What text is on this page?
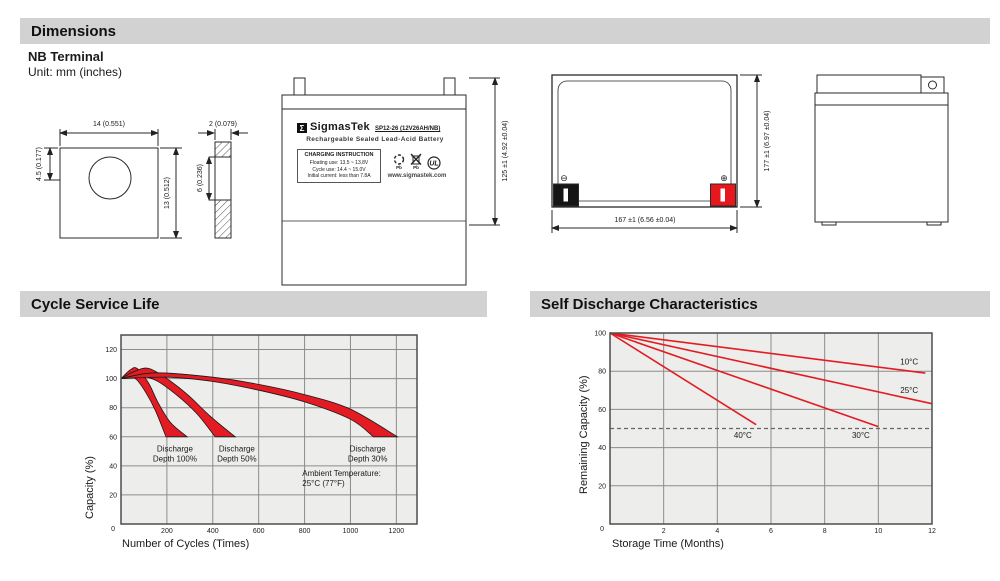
Dimensions
NB Terminal
Unit: mm (inches)
14 (0.551)
4.5 (0.177)
13 (0.512)
2 (0.079)
6 (0.236)	125 ±1 (4.92 ±0.04)	177 ±1 (6.97 ±0.04)
167 ±1 (6.56 ±0.04)
⊖	⊕
Σ SigmasTek SP12-26 (12V26AH/NB)
Rechargeable Sealed Lead-Acid Battery
CHARGING INSTRUCTION
Floating use: 13.5 ~ 13.8V
Cycle use: 14.4 ~ 15.0V
Initial current: less than 7.8A
Pb Pb UL
www.sigmastek.com
Cycle Service Life	Self Discharge Characteristics
200	400	600	800	1000	1200
20
40
60
80
100
120
0
Discharge Depth 100%
Discharge Depth 50%
Discharge Depth 30%
Ambient Temperature: 25°C (77°F)
10°C
25°C
30°C
40°C
2	4	6	8	10	12
20
40
60
80
100
0
Capacity (%)
Number of Cycles (Times)
Remaining Capacity (%)
Storage Time (Months)
